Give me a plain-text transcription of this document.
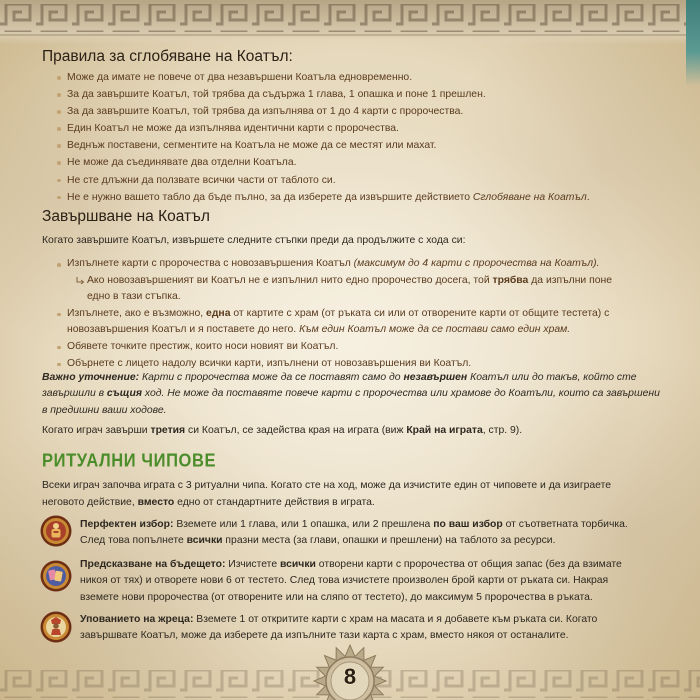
Правила за сглобяване на Коатъл:
Може да имате не повече от два незавършени Коатъла едновременно.
За да завършите Коатъл, той трябва да съдържа 1 глава, 1 опашка и поне 1 прешлен.
За да завършите Коатъл, той трябва да изпълнява от 1 до 4 карти с пророчества.
Един Коатъл не може да изпълнява идентични карти с пророчества.
Веднъж поставени, сегментите на Коатъла не може да се местят или махат.
Не може да съединявате два отделни Коатъла.
Не сте длъжни да ползвате всички части от таблото си.
Не е нужно вашето табло да бъде пълно, за да изберете да извършите действието Сглобяване на Коатъл.
Завършване на Коатъл
Когато завършите Коатъл, извършете следните стъпки преди да продължите с хода си:
Изпълнете карти с пророчества с новозавършения Коатъл (максимум до 4 карти с пророчества на Коатъл).
Ако новозавършеният ви Коатъл не е изпълнил нито едно пророчество досега, той трябва да изпълни поне
едно в тази стъпка.
Изпълнете, ако е възможно, една от картите с храм (от ръката си или от отворените карти от общите тестета) с
новозавършения Коатъл и я поставете до него. Към един Коатъл може да се постави само един храм.
Обявете точките престиж, които носи новият ви Коатъл.
Обърнете с лицето надолу всички карти, изпълнени от новозавършения ви Коатъл.
Важно уточнение: Карти с пророчества може да се поставят само до незавършен Коатъл или до такъв, който сте
завършили в същия ход. Не може да поставяте повече карти с пророчества или храмове до Коатъли, които са завършени
в предишни ваши ходове.
Когато играч завърши третия си Коатъл, се задейства края на играта (виж Край на играта, стр. 9).
РИТУАЛНИ ЧИПОВЕ
Всеки играч започва играта с 3 ритуални чипа. Когато сте на ход, може да изчистите един от чиповете и да изиграете
неговото действие, вместо едно от стандартните действия в играта.
Перфектен избор: Вземете или 1 глава, или 1 опашка, или 2 прешлена по ваш избор от съответната торбичка.
След това попълнете всички празни места (за глави, опашки и прешлени) на таблото за ресурси.
Предсказване на бъдещето: Изчистете всички отворени карти с пророчества от общия запас (без да взимате
никоя от тях) и отворете нови 6 от тестето. След това изчистете произволен брой карти от ръката си. Накрая
вземете нови пророчества (от отворените или на сляпо от тестето), до максимум 5 пророчества в ръката.
Упованието на жреца: Вземете 1 от откритите карти с храм на масата и я добавете към ръката си. Когато
завършвате Коатъл, може да изберете да изпълните тази карта с храм, вместо някоя от останалите.
8
